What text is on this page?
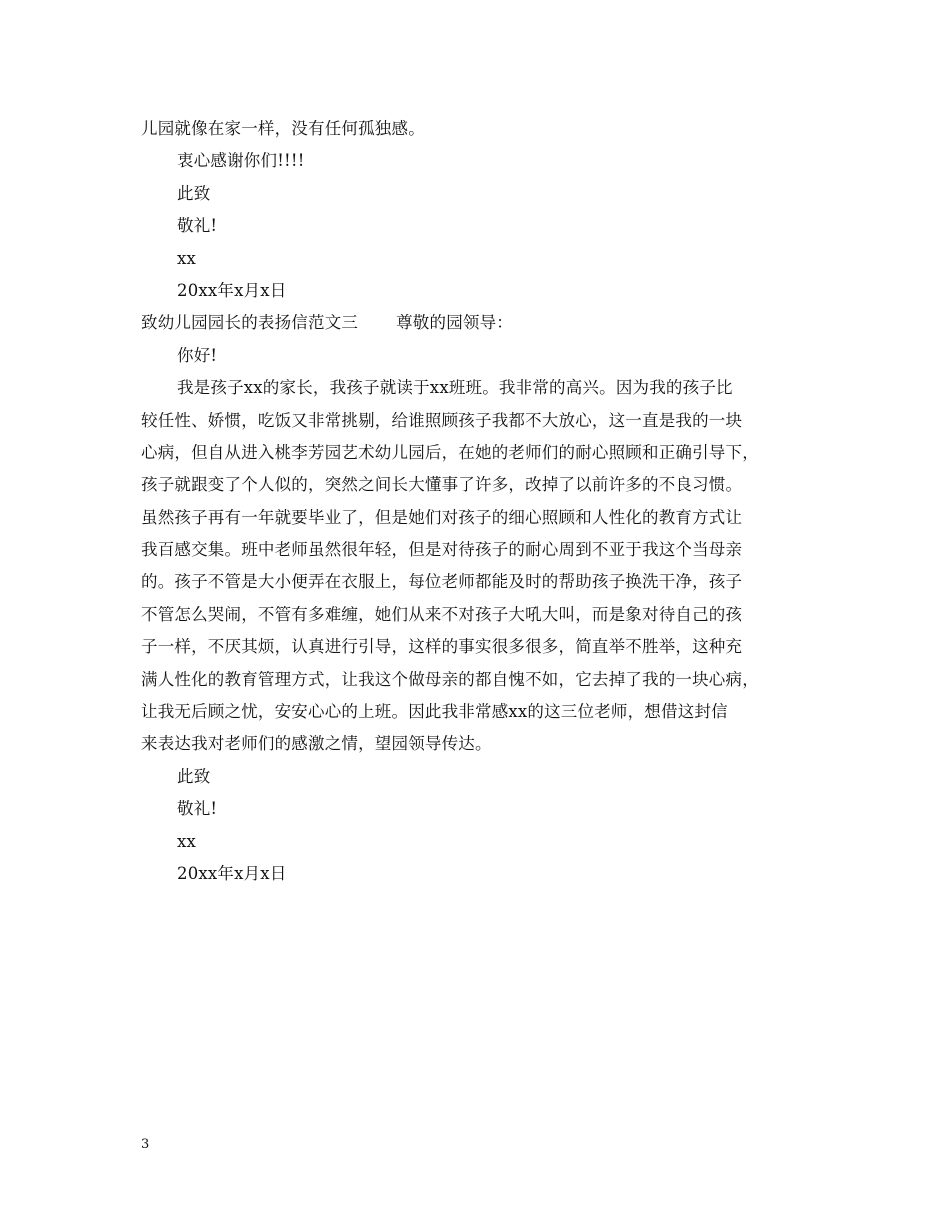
儿园就像在家一样，没有任何孤独感。
衷心感谢你们!!!!
此致
敬礼!
xx
20xx年x月x日
致幼儿园园长的表扬信范文三 尊敬的园领导：
你好!
我是孩子xx的家长，我孩子就读于xx班班。我非常的高兴。因为我的孩子比
较任性、娇惯，吃饭又非常挑剔，给谁照顾孩子我都不大放心，这一直是我的一块
心病，但自从进入桃李芳园艺术幼儿园后，在她的老师们的耐心照顾和正确引导下，
孩子就跟变了个人似的，突然之间长大懂事了许多，改掉了以前许多的不良习惯。
虽然孩子再有一年就要毕业了，但是她们对孩子的细心照顾和人性化的教育方式让
我百感交集。班中老师虽然很年轻，但是对待孩子的耐心周到不亚于我这个当母亲
的。孩子不管是大小便弄在衣服上，每位老师都能及时的帮助孩子换洗干净，孩子
不管怎么哭闹，不管有多难缠，她们从来不对孩子大吼大叫，而是象对待自己的孩
子一样，不厌其烦，认真进行引导，这样的事实很多很多，简直举不胜举，这种充
满人性化的教育管理方式，让我这个做母亲的都自愧不如，它去掉了我的一块心病，
让我无后顾之忧，安安心心的上班。因此我非常感xx的这三位老师，想借这封信
来表达我对老师们的感激之情，望园领导传达。
此致
敬礼!
xx
20xx年x月x日
3
